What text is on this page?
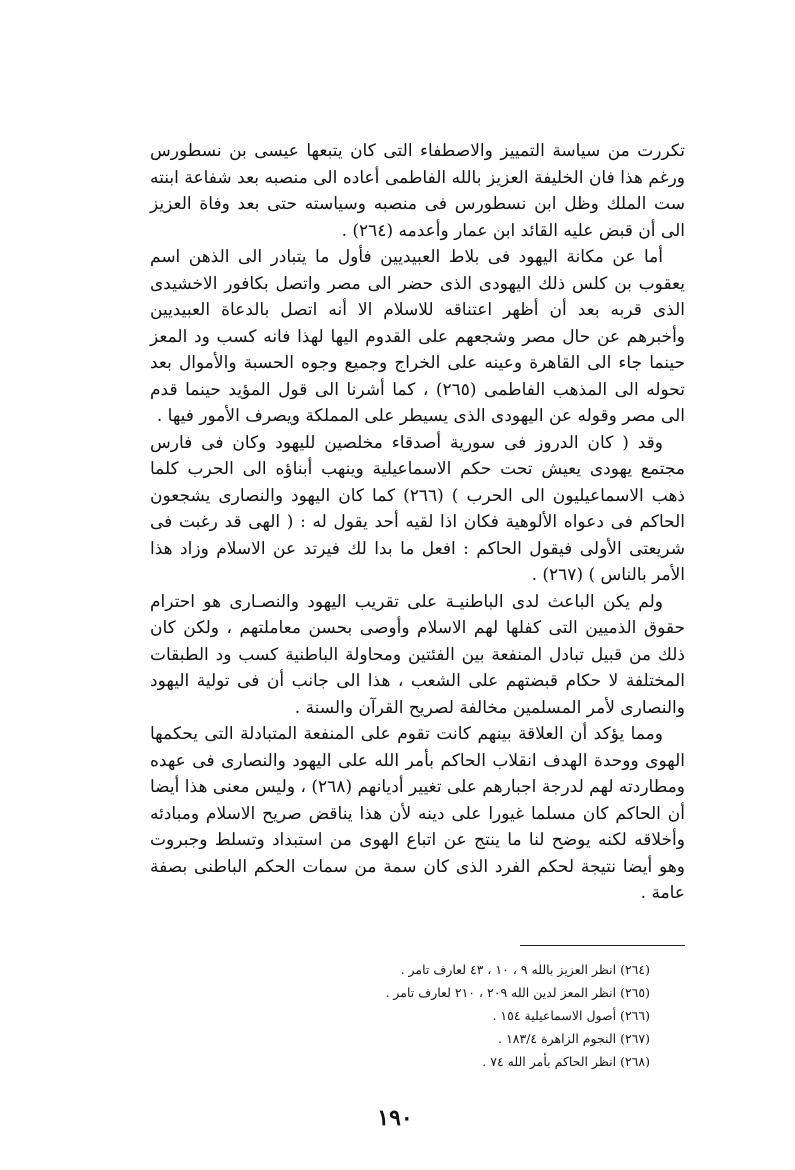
تكررت من سياسة التمييز والاصطفاء التى كان يتبعها عيسى بن نسطورس ورغم هذا فان الخليفة العزيز بالله الفاطمى أعاده الى منصبه بعد شفاعة ابنته ست الملك وظل ابن نسطورس فى منصبه وسياسته حتى بعد وفاة العزيز الى أن قبض عليه القائد ابن عمار وأعدمه (٢٦٤) .

أما عن مكانة اليهود فى بلاط العبيديين فأول ما يتبادر الى الذهن اسم يعقوب بن كلس ذلك اليهودى الذى حضر الى مصر واتصل بكافور الاخشيدى الذى قربه بعد أن أظهر اعتناقه للاسلام الا أنه اتصل بالدعاة العبيديين وأخبرهم عن حال مصر وشجعهم على القدوم اليها لهذا فانه كسب ود المعز حينما جاء الى القاهرة وعينه على الخراج وجميع وجوه الحسبة والأموال بعد تحوله الى المذهب الفاطمى (٢٦٥) ، كما أشرنا الى قول المؤيد حينما قدم الى مصر وقوله عن اليهودى الذى يسيطر على المملكة ويصرف الأمور فيها .

وقد ( كان الدروز فى سورية أصدقاء مخلصين لليهود وكان فى فارس مجتمع يهودى يعيش تحت حكم الاسماعيلية وينهب أبناؤه الى الحرب كلما ذهب الاسماعيليون الى الحرب ) (٢٦٦) كما كان اليهود والنصارى يشجعون الحاكم فى دعواه الألوهية فكان اذا لقيه أحد يقول له : ( الهى قد رغبت فى شريعتى الأولى فيقول الحاكم : افعل ما بدا لك فيرتد عن الاسلام وزاد هذا الأمر بالناس ) (٢٦٧) .

ولم يكن الباعث لدى الباطنيـة على تقريب اليهود والنصـارى هو احترام حقوق الذميين التى كفلها لهم الاسلام وأوصى بحسن معاملتهم ، ولكن كان ذلك من قبيل تبادل المنفعة بين الفئتين ومحاولة الباطنية كسب ود الطبقات المختلفة لا حكام قبضتهم على الشعب ، هذا الى جانب أن فى تولية اليهود والنصارى لأمر المسلمين مخالفة لصريح القرآن والسنة .

ومما يؤكد أن العلاقة بينهم كانت تقوم على المنفعة المتبادلة التى يحكمها الهوى ووحدة الهدف انقلاب الحاكم بأمر الله على اليهود والنصارى فى عهده ومطاردته لهم لدرجة اجبارهم على تغيير أديانهم (٢٦٨) ، وليس معنى هذا أيضا أن الحاكم كان مسلما غيورا على دينه لأن هذا يناقض صريح الاسلام ومبادئه وأخلاقه لكنه يوضح لنا ما ينتج عن اتباع الهوى من استبداد وتسلط وجبروت وهو أيضا نتيجة لحكم الفرد الذى كان سمة من سمات الحكم الباطنى بصفة عامة .

(٢٦٤) انظر العزيز بالله ٩ ، ١٠ ، ٤٣ لعارف تامر .

(٢٦٥) انظر المعز لدين الله ٢٠٩ ، ٢١٠ لعارف تامر .

(٢٦٦) أصول الاسماعيلية ١٥٤ .

(٢٦٧) النجوم الزاهرة ١٨٣/٤ .

(٢٦٨) انظر الحاكم بأمر الله ٧٤ .

١٩٠
